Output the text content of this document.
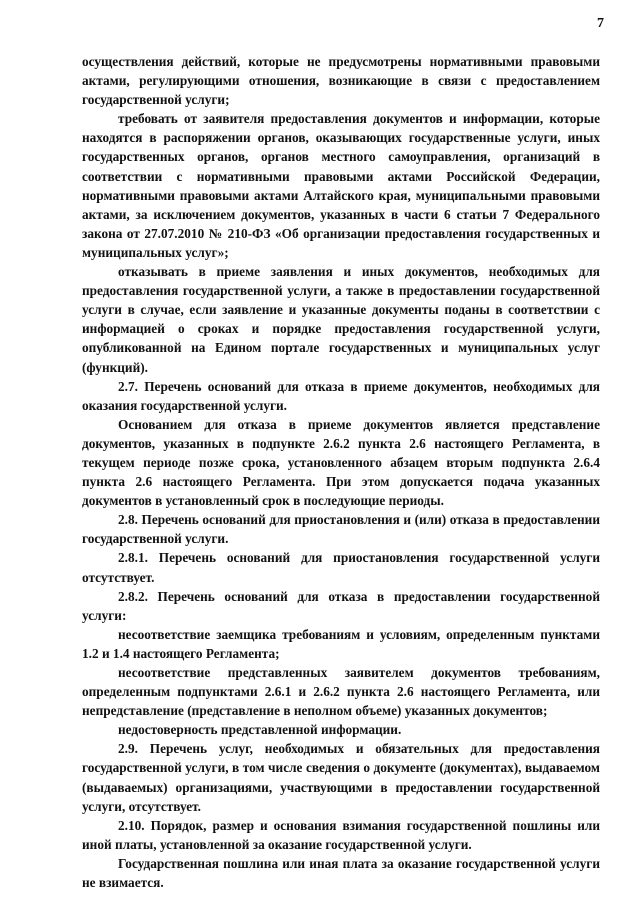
7

осуществления действий, которые не предусмотрены нормативными правовыми актами, регулирующими отношения, возникающие в связи с предоставлением государственной услуги;

требовать от заявителя предоставления документов и информации, которые находятся в распоряжении органов, оказывающих государственные услуги, иных государственных органов, органов местного самоуправления, организаций в соответствии с нормативными правовыми актами Российской Федерации, нормативными правовыми актами Алтайского края, муниципальными правовыми актами, за исключением документов, указанных в части 6 статьи 7 Федерального закона от 27.07.2010 № 210-ФЗ «Об организации предоставления государственных и муниципальных услуг»;

отказывать в приеме заявления и иных документов, необходимых для предоставления государственной услуги, а также в предоставлении государственной услуги в случае, если заявление и указанные документы поданы в соответствии с информацией о сроках и порядке предоставления государственной услуги, опубликованной на Едином портале государственных и муниципальных услуг (функций).

2.7. Перечень оснований для отказа в приеме документов, необходимых для оказания государственной услуги.

Основанием для отказа в приеме документов является представление документов, указанных в подпункте 2.6.2 пункта 2.6 настоящего Регламента, в текущем периоде позже срока, установленного абзацем вторым подпункта 2.6.4 пункта 2.6 настоящего Регламента. При этом допускается подача указанных документов в установленный срок в последующие периоды.

2.8. Перечень оснований для приостановления и (или) отказа в предоставлении государственной услуги.

2.8.1. Перечень оснований для приостановления государственной услуги отсутствует.

2.8.2. Перечень оснований для отказа в предоставлении государственной услуги:

несоответствие заемщика требованиям и условиям, определенным пунктами 1.2 и 1.4 настоящего Регламента;

несоответствие представленных заявителем документов требованиям, определенным подпунктами 2.6.1 и 2.6.2 пункта 2.6 настоящего Регламента, или непредставление (представление в неполном объеме) указанных документов;

недостоверность представленной информации.

2.9. Перечень услуг, необходимых и обязательных для предоставления государственной услуги, в том числе сведения о документе (документах), выдаваемом (выдаваемых) организациями, участвующими в предоставлении государственной услуги, отсутствует.

2.10. Порядок, размер и основания взимания государственной пошлины или иной платы, установленной за оказание государственной услуги.

Государственная пошлина или иная плата за оказание государственной услуги не взимается.
